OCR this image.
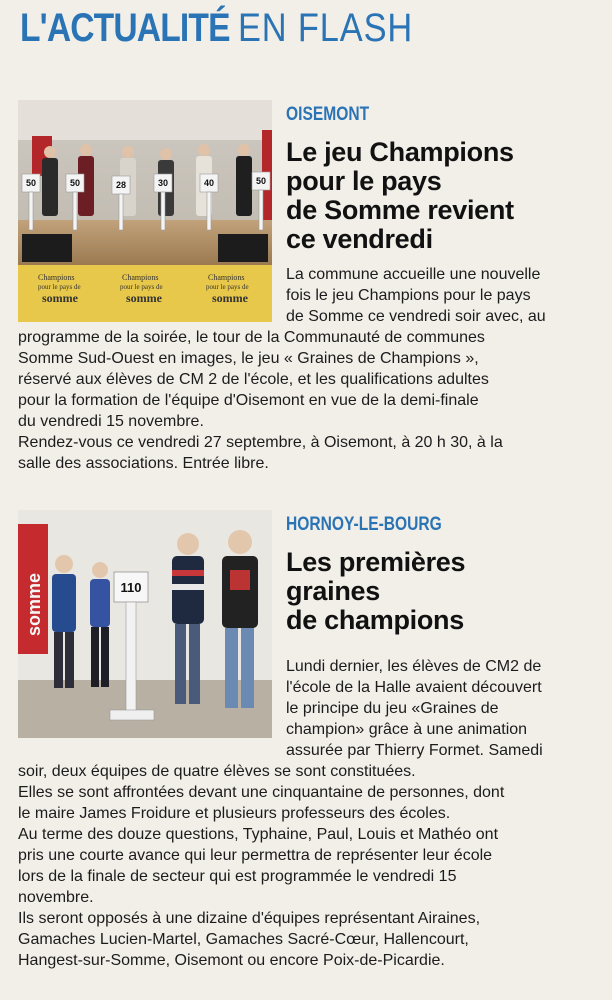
L'ACTUALITÉ EN FLASH
50	50	28	30	40	50
Champions
pour le pays de
somme
Champions
pour le pays de
somme
Champions
pour le pays de
somme
OISEMONT
Le jeu Champions
pour le pays
de Somme revient
ce vendredi
La commune accueille une nouvelle
fois le jeu Champions pour le pays
de Somme ce vendredi soir avec, au
programme de la soirée, le tour de la Communauté de communes
Somme Sud-Ouest en images, le jeu « Graines de Champions »,
réservé aux élèves de CM 2 de l'école, et les qualifications adultes
pour la formation de l'équipe d'Oisemont en vue de la demi-finale
du vendredi 15 novembre.
Rendez-vous ce vendredi 27 septembre, à Oisemont, à 20 h 30, à la
salle des associations. Entrée libre.
somme	110
HORNOY-LE-BOURG
Les premières
graines
de champions
Lundi dernier, les élèves de CM2 de
l'école de la Halle avaient découvert
le principe du jeu «Graines de
champion» grâce à une animation
assurée par Thierry Formet. Samedi
soir, deux équipes de quatre élèves se sont constituées.
Elles se sont affrontées devant une cinquantaine de personnes, dont
le maire James Froidure et plusieurs professeurs des écoles.
Au terme des douze questions, Typhaine, Paul, Louis et Mathéo ont
pris une courte avance qui leur permettra de représenter leur école
lors de la finale de secteur qui est programmée le vendredi 15
novembre.
Ils seront opposés à une dizaine d'équipes représentant Airaines,
Gamaches Lucien-Martel, Gamaches Sacré-Cœur, Hallencourt,
Hangest-sur-Somme, Oisemont ou encore Poix-de-Picardie.
